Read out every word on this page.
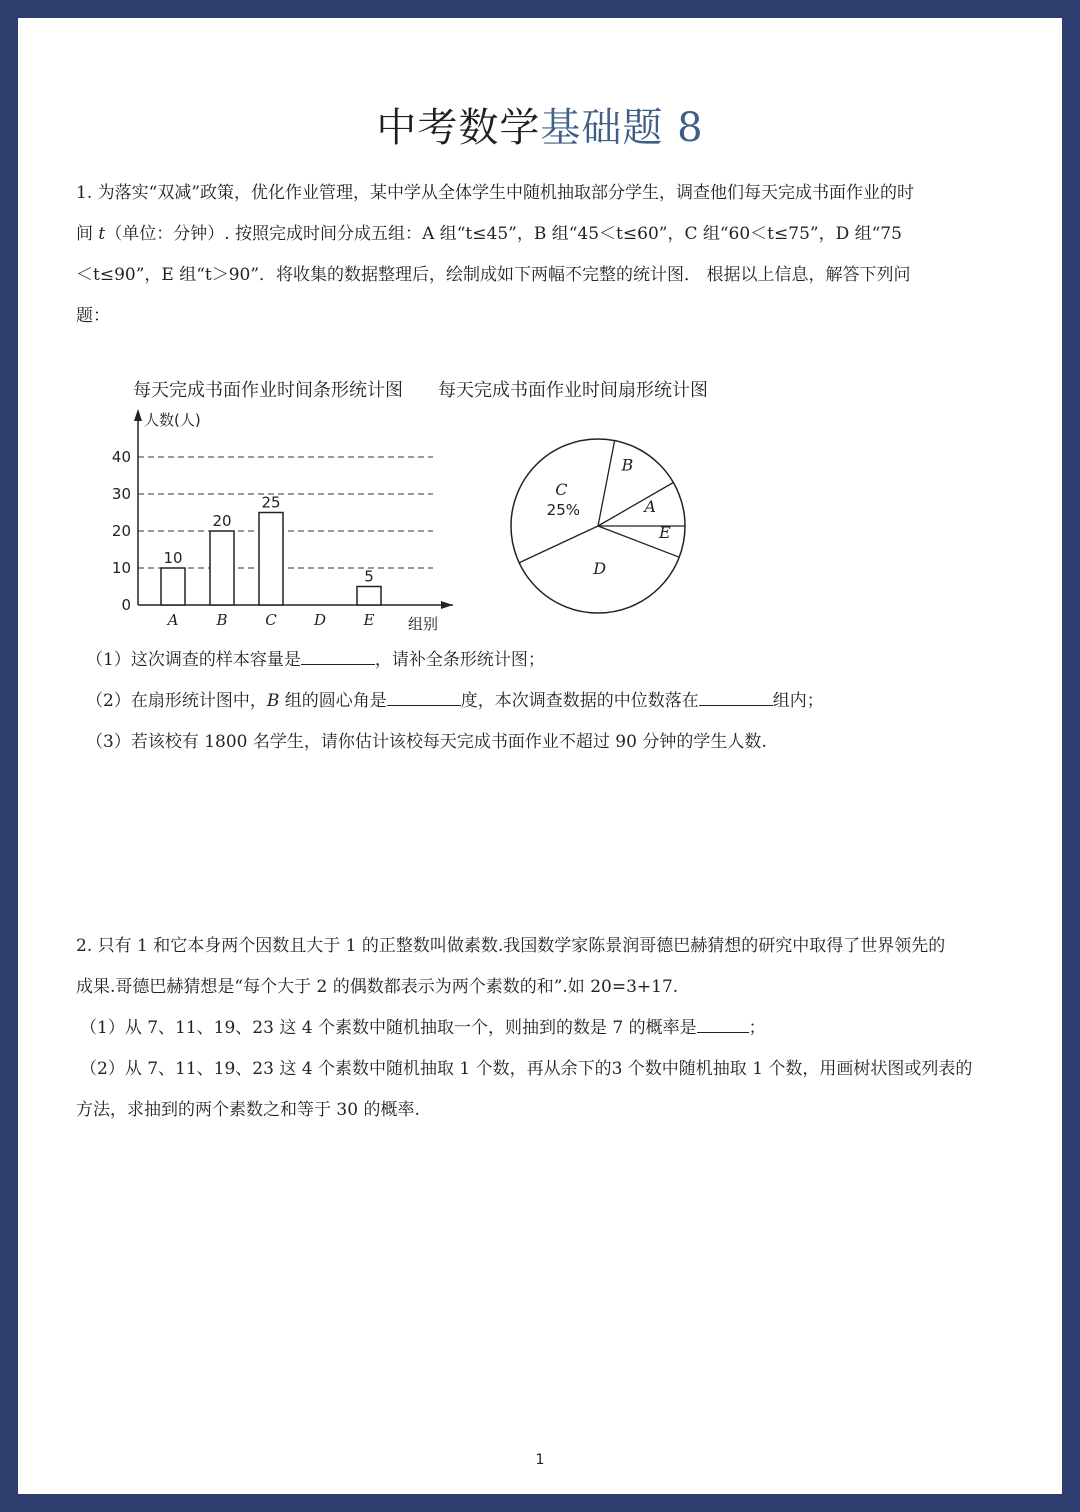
中考数学基础题 8
1. 为落实“双减”政策，优化作业管理，某中学从全体学生中随机抽取部分学生，调查他们每天完成书面作业的时
间 t（单位：分钟）. 按照完成时间分成五组：A 组“t≤45”，B 组“45＜t≤60”，C 组“60＜t≤75”，D 组“75
＜t≤90”，E 组“t＞90”．将收集的数据整理后，绘制成如下两幅不完整的统计图． 根据以上信息，解答下列问
题：
每天完成书面作业时间条形统计图 每天完成书面作业时间扇形统计图
0
10
20
30
40
人数(人)
组别
10
A
20
B
25
C D
5
E
A
B
C
25%
D
E
（1）这次调查的样本容量是	，请补全条形统计图；
（2）在扇形统计图中，B 组的圆心角是	度，本次调查数据的中位数落在	组内；
（3）若该校有 1800 名学生，请你估计该校每天完成书面作业不超过 90 分钟的学生人数.
2. 只有 1 和它本身两个因数且大于 1 的正整数叫做素数.我国数学家陈景润哥德巴赫猜想的研究中取得了世界领先的
成果.哥德巴赫猜想是“每个大于 2 的偶数都表示为两个素数的和”.如 20=3+17.
（1）从 7、11、19、23 这 4 个素数中随机抽取一个，则抽到的数是 7 的概率是	；
（2）从 7、11、19、23 这 4 个素数中随机抽取 1 个数，再从余下的3 个数中随机抽取 1 个数，用画树状图或列表的
方法，求抽到的两个素数之和等于 30 的概率.
1
